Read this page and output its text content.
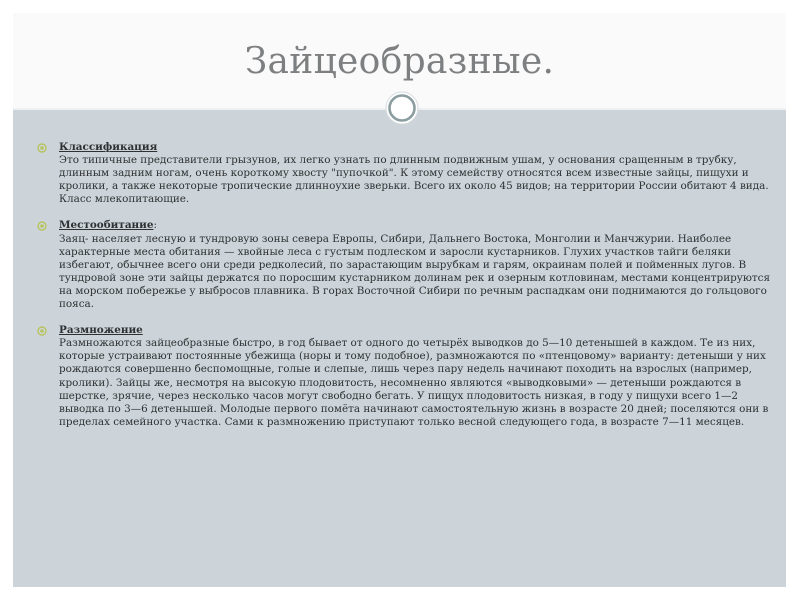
Зайцеобразные.
Классификация
Это типичные представители грызунов, их легко узнать по длинным подвижным ушам, у основания сращенным в трубку, длинным задним ногам, очень короткому хвосту "пупочкой". К этому семейству относятся всем известные зайцы, пищухи и кролики, а также некоторые тропические длинноухие зверьки. Всего их около 45 видов; на территории России обитают 4 вида. Класс млекопитающие.
Местообитание:
Заяц- населяет лесную и тундровую зоны севера Европы, Сибири, Дальнего Востока, Монголии и Манчжурии. Наиболее характерные места обитания — хвойные леса с густым подлеском и заросли кустарников. Глухих участков тайги беляки избегают, обычнее всего они среди редколесий, по зарастающим вырубкам и гарям, окраинам полей и пойменных лугов. В тундровой зоне эти зайцы держатся по поросшим кустарником долинам рек и озерным котловинам, местами концентрируются на морском побережье у выбросов плавника. В горах Восточной Сибири по речным распадкам они поднимаются до гольцового пояса.
Размножение
Размножаются зайцеобразные быстро, в год бывает от одного до четырёх выводков до 5—10 детенышей в каждом. Те из них, которые устраивают постоянные убежища (норы и тому подобное), размножаются по «птенцовому» варианту: детеныши у них рождаются совершенно беспомощные, голые и слепые, лишь через пару недель начинают походить на взрослых (например, кролики). Зайцы же, несмотря на высокую плодовитость, несомненно являются «выводковыми» — детеныши рождаются в шерстке, зрячие, через несколько часов могут свободно бегать. У пищух плодовитость низкая, в году у пищухи всего 1—2 выводка по 3—6 детенышей. Молодые первого помёта начинают самостоятельную жизнь в возрасте 20 дней; поселяются они в пределах семейного участка. Сами к размножению приступают только весной следующего года, в возрасте 7—11 месяцев.
